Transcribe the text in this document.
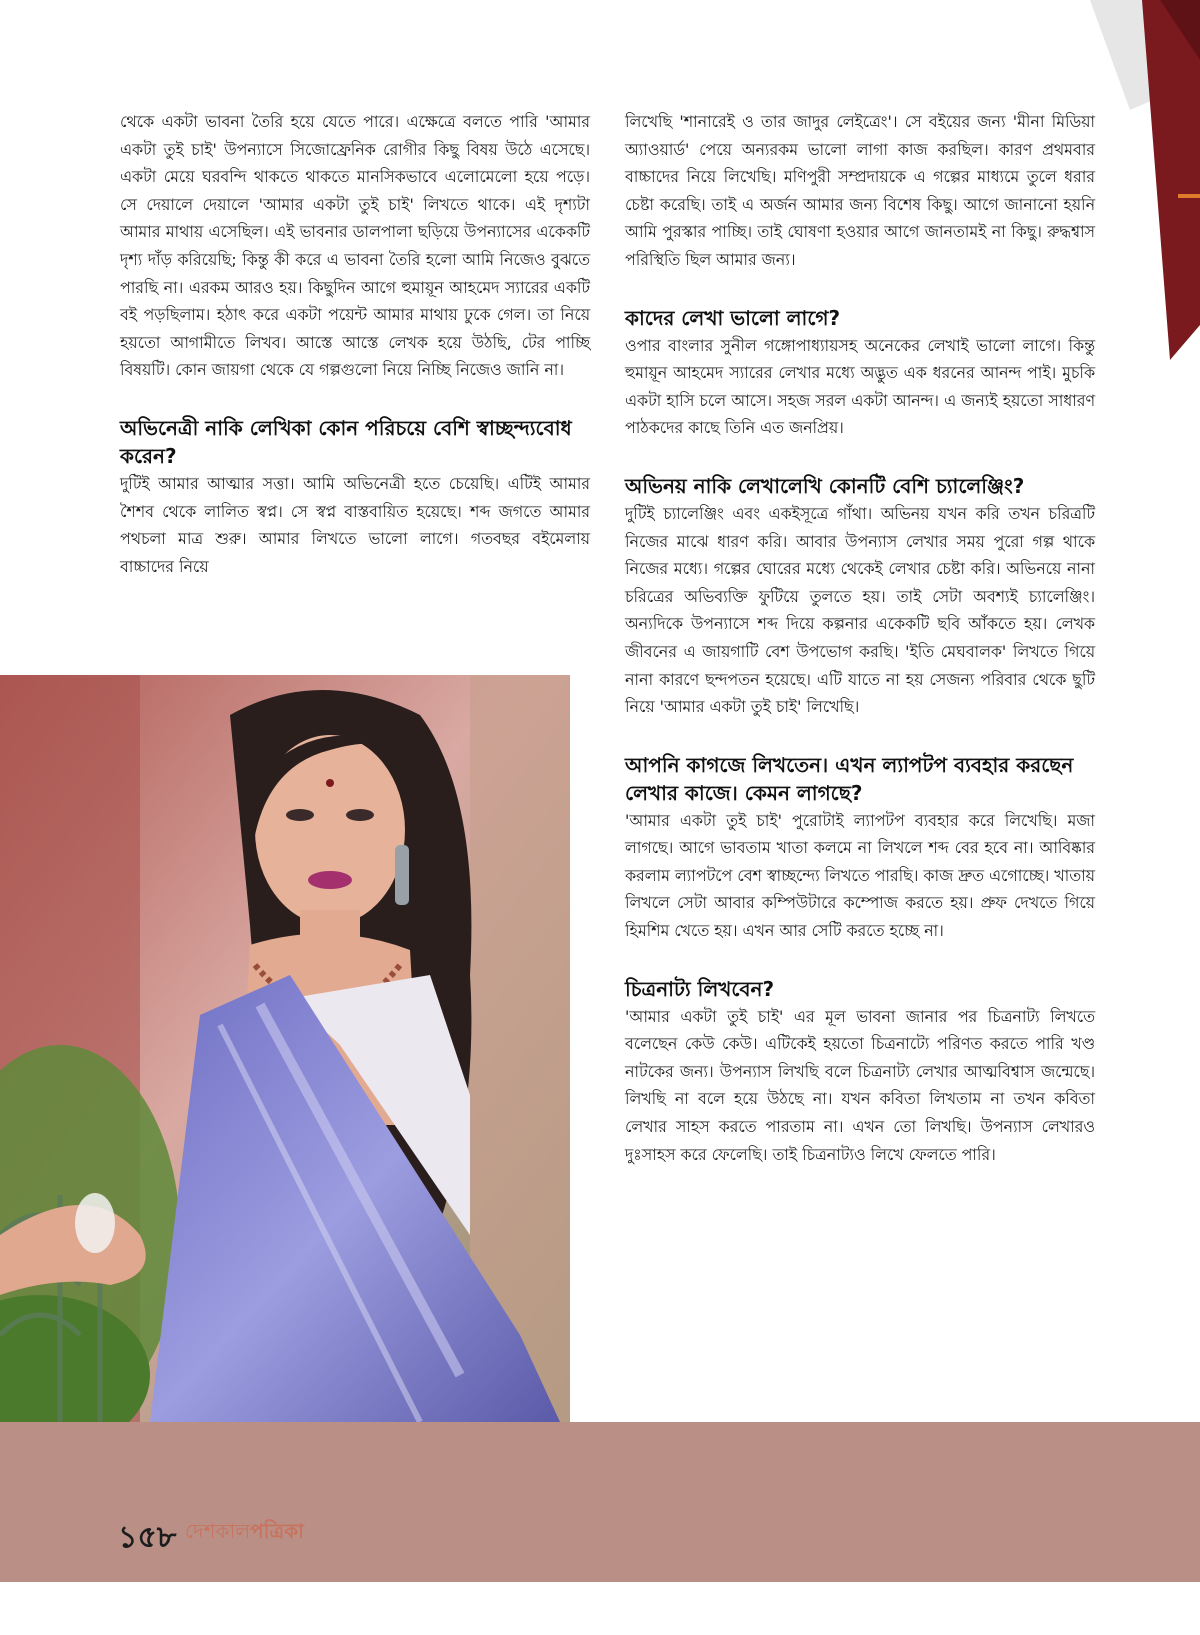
থেকে একটা ভাবনা তৈরি হয়ে যেতে পারে। এক্ষেত্রে বলতে পারি 'আমার একটা তুই চাই' উপন্যাসে সিজোফ্রেনিক রোগীর কিছু বিষয় উঠে এসেছে। একটা মেয়ে ঘরবন্দি থাকতে থাকতে মানসিকভাবে এলোমেলো হয়ে পড়ে। সে দেয়ালে দেয়ালে 'আমার একটা তুই চাই' লিখতে থাকে। এই দৃশ্যটা আমার মাথায় এসেছিল। এই ভাবনার ডালপালা ছড়িয়ে উপন্যাসের একেকটি দৃশ্য দাঁড় করিয়েছি; কিন্তু কী করে এ ভাবনা তৈরি হলো আমি নিজেও বুঝতে পারছি না। এরকম আরও হয়। কিছুদিন আগে হুমায়ূন আহমেদ স্যারের একটি বই পড়ছিলাম। হঠাৎ করে একটা পয়েন্ট আমার মাথায় ঢুকে গেল। তা নিয়ে হয়তো আগামীতে লিখব। আস্তে আস্তে লেখক হয়ে উঠছি, টের পাচ্ছি বিষয়টি। কোন জায়গা থেকে যে গল্পগুলো নিয়ে নিচ্ছি নিজেও জানি না।

অভিনেত্রী নাকি লেখিকা কোন পরিচয়ে বেশি স্বাচ্ছন্দ্যবোধ করেন?

দুটিই আমার আত্মার সত্তা। আমি অভিনেত্রী হতে চেয়েছি। এটিই আমার শৈশব থেকে লালিত স্বপ্ন। সে স্বপ্ন বাস্তবায়িত হয়েছে। শব্দ জগতে আমার পথচলা মাত্র শুরু। আমার লিখতে ভালো লাগে। গতবছর বইমেলায় বাচ্চাদের নিয়ে

লিখেছি 'শানারেই ও তার জাদুর লেইত্রেং'। সে বইয়ের জন্য 'মীনা মিডিয়া অ্যাওয়ার্ড' পেয়ে অন্যরকম ভালো লাগা কাজ করছিল। কারণ প্রথমবার বাচ্চাদের নিয়ে লিখেছি। মণিপুরী সম্প্রদায়কে এ গল্পের মাধ্যমে তুলে ধরার চেষ্টা করেছি। তাই এ অর্জন আমার জন্য বিশেষ কিছু। আগে জানানো হয়নি আমি পুরস্কার পাচ্ছি। তাই ঘোষণা হওয়ার আগে জানতামই না কিছু। রুদ্ধশ্বাস পরিস্থিতি ছিল আমার জন্য।

কাদের লেখা ভালো লাগে?

ওপার বাংলার সুনীল গঙ্গোপাধ্যায়সহ অনেকের লেখাই ভালো লাগে। কিন্তু হুমায়ূন আহমেদ স্যারের লেখার মধ্যে অদ্ভুত এক ধরনের আনন্দ পাই। মুচকি একটা হাসি চলে আসে। সহজ সরল একটা আনন্দ। এ জন্যই হয়তো সাধারণ পাঠকদের কাছে তিনি এত জনপ্রিয়।

অভিনয় নাকি লেখালেখি কোনটি বেশি চ্যালেঞ্জিং?

দুটিই চ্যালেঞ্জিং এবং একইসূত্রে গাঁথা। অভিনয় যখন করি তখন চরিত্রটি নিজের মাঝে ধারণ করি। আবার উপন্যাস লেখার সময় পুরো গল্প থাকে নিজের মধ্যে। গল্পের ঘোরের মধ্যে থেকেই লেখার চেষ্টা করি। অভিনয়ে নানা চরিত্রের অভিব্যক্তি ফুটিয়ে তুলতে হয়। তাই সেটা অবশ্যই চ্যালেঞ্জিং। অন্যদিকে উপন্যাসে শব্দ দিয়ে কল্পনার একেকটি ছবি আঁকতে হয়। লেখক জীবনের এ জায়গাটি বেশ উপভোগ করছি। 'ইতি মেঘবালক' লিখতে গিয়ে নানা কারণে ছন্দপতন হয়েছে। এটি যাতে না হয় সেজন্য পরিবার থেকে ছুটি নিয়ে 'আমার একটা তুই চাই' লিখেছি।

আপনি কাগজে লিখতেন। এখন ল্যাপটপ ব্যবহার করছেন লেখার কাজে। কেমন লাগছে?

'আমার একটা তুই চাই' পুরোটাই ল্যাপটপ ব্যবহার করে লিখেছি। মজা লাগছে। আগে ভাবতাম খাতা কলমে না লিখলে শব্দ বের হবে না। আবিষ্কার করলাম ল্যাপটপে বেশ স্বাচ্ছন্দ্যে লিখতে পারছি। কাজ দ্রুত এগোচ্ছে। খাতায় লিখলে সেটা আবার কম্পিউটারে কম্পোজ করতে হয়। প্রুফ দেখতে গিয়ে হিমশিম খেতে হয়। এখন আর সেটি করতে হচ্ছে না।

চিত্রনাট্য লিখবেন?

'আমার একটা তুই চাই' এর মূল ভাবনা জানার পর চিত্রনাট্য লিখতে বলেছেন কেউ কেউ। এটিকেই হয়তো চিত্রনাট্যে পরিণত করতে পারি খণ্ড নাটকের জন্য। উপন্যাস লিখছি বলে চিত্রনাট্য লেখার আত্মবিশ্বাস জন্মেছে। লিখছি না বলে হয়ে উঠছে না। যখন কবিতা লিখতাম না তখন কবিতা লেখার সাহস করতে পারতাম না। এখন তো লিখছি। উপন্যাস লেখারও দুঃসাহস করে ফেলেছি। তাই চিত্রনাট্যও লিখে ফেলতে পারি।

১৫৮ দেশকালপত্রিকা
